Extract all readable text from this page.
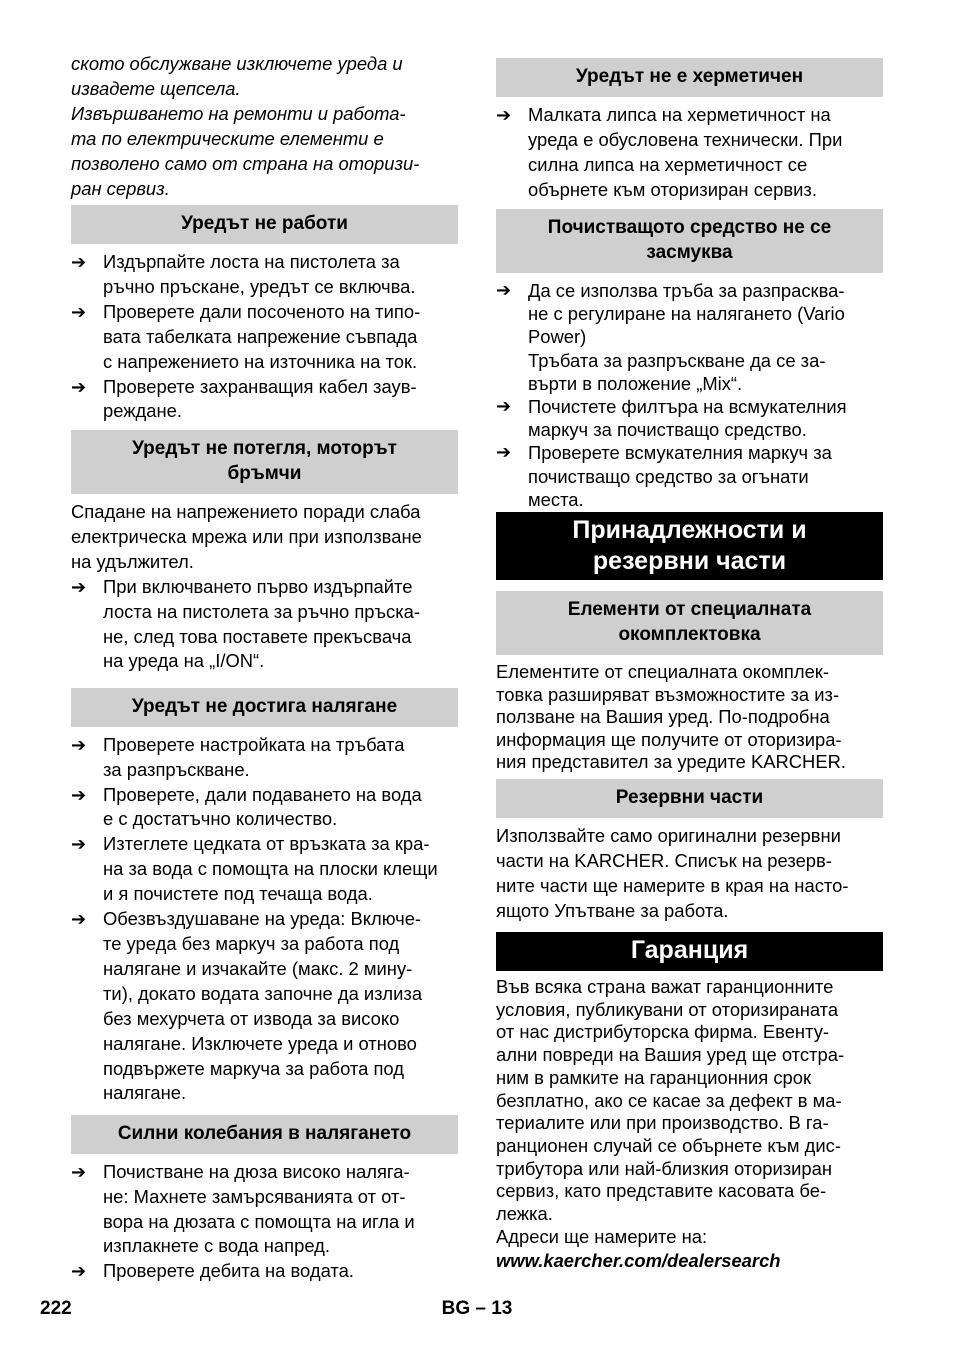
ското обслужване изключете уреда и

извадете щепсела.

Извършването на ремонти и работа-

та по електрическите елементи е

позволено само от страна на оторизи-

ран сервиз.

Уредът не работи
➔ Издърпайте лоста на пистолета за
ръчно пръскане, уредът се включва.
➔ Проверете дали посоченото на типо-
вата табелката напрежение съвпада
с напрежението на източника на ток.
➔ Проверете захранващия кабел заув-
реждане.
Уредът не потегля, моторът
бръмчи

Спадане на напрежението поради слаба

електрическа мрежа или при използване

на удължител.

➔ При включването първо издърпайте
лоста на пистолета за ръчно пръска-
не, след това поставете прекъсвача
на уреда на „I/ON“.
Уредът не достига налягане
➔ Проверете настройката на тръбата
за разпръскване.
➔ Проверете, дали подаването на вода
е с достатъчно количество.
➔ Изтеглете цедката от връзката за кра-
на за вода с помощта на плоски клещи
и я почистете под течаща вода.
➔ Обезвъздушаване на уреда: Включе-
те уреда без маркуч за работа под
налягане и изчакайте (макс. 2 мину-
ти), докато водата започне да излиза
без мехурчета от извода за високо
налягане. Изключете уреда и отново
подвържете маркуча за работа под
налягане.
Силни колебания в налягането
➔ Почистване на дюза високо наляга-
не: Махнете замърсяванията от от-
вора на дюзата с помощта на игла и
изплакнете с вода напред.
➔ Проверете дебита на водата.
Уредът не е херметичен
➔ Малката липса на херметичност на
уреда е обусловена технически. При
силна липса на херметичност се
обърнете към оторизиран сервиз.
Почистващото средство не се
засмуква
➔ Да се използва тръба за разпрасква-
не с регулиране на налягането (Vario
Power)
Тръбата за разпръскване да се за-
върти в положение „Mix“.
➔ Почистете филтъра на всмукателния
маркуч за почистващо средство.
➔ Проверете всмукателния маркуч за
почистващо средство за огънати
места.
Принадлежности и
резервни части
Елементи от специалната
окомплектовка

Елементите от специалната окомплек-

товка разширяват възможностите за из-

ползване на Вашия уред. По-подробна

информация ще получите от оторизира-

ния представител за уредите KARCHER.

Резервни части

Използвайте само оригинални резервни

части на KARCHER. Списък на резерв-

ните части ще намерите в края на насто-

ящото Упътване за работа.

Гаранция

Във всяка страна важат гаранционните

условия, публикувани от оторизираната

от нас дистрибуторска фирма. Евенту-

ални повреди на Вашия уред ще отстра-

ним в рамките на гаранционния срок

безплатно, ако се касае за дефект в ма-

териалите или при производство. В га-

ранционен случай се обърнете към дис-

трибутора или най-близкия оторизиран

сервиз, като представите касовата бе-

лежка.

Адреси ще намерите на:

www.kaercher.com/dealersearch

222	BG – 13
